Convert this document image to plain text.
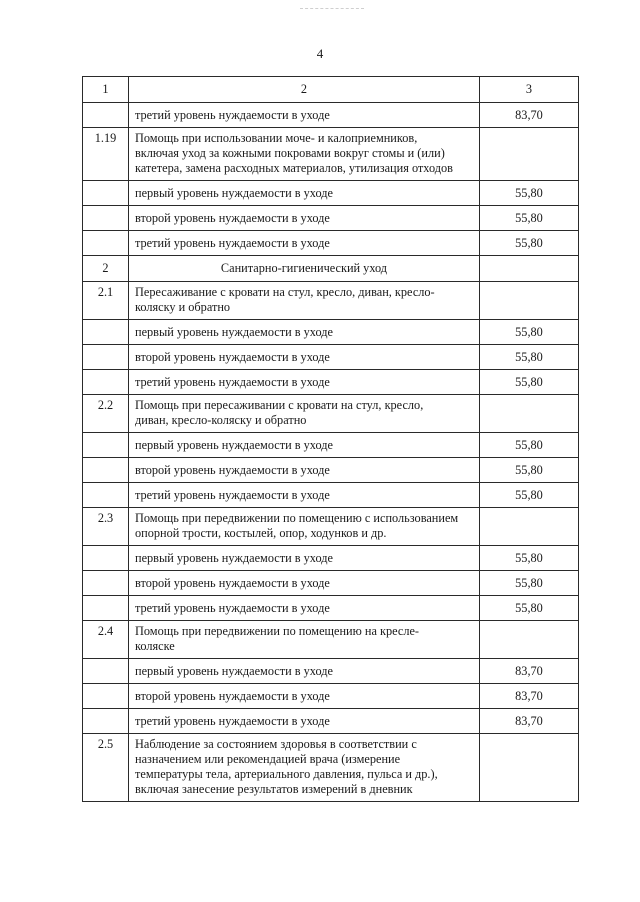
4
1	2	3
	третий уровень нуждаемости в уходе	83,70
1.19	Помощь при использовании моче- и калоприемников,
включая уход за кожными покровами вокруг стомы и (или)
катетера, замена расходных материалов, утилизация отходов	

	первый уровень нуждаемости в уходе	55,80
	второй уровень нуждаемости в уходе	55,80
	третий уровень нуждаемости в уходе	55,80
2	Санитарно-гигиенический уход	
2.1	Пересаживание с кровати на стул, кресло, диван, кресло-
коляску и обратно	

	первый уровень нуждаемости в уходе	55,80
	второй уровень нуждаемости в уходе	55,80
	третий уровень нуждаемости в уходе	55,80
2.2	Помощь при пересаживании с кровати на стул, кресло,
диван, кресло-коляску и обратно	

	первый уровень нуждаемости в уходе	55,80
	второй уровень нуждаемости в уходе	55,80
	третий уровень нуждаемости в уходе	55,80
2.3	Помощь при передвижении по помещению с использованием
опорной трости, костылей, опор, ходунков и др.	

	первый уровень нуждаемости в уходе	55,80
	второй уровень нуждаемости в уходе	55,80
	третий уровень нуждаемости в уходе	55,80
2.4	Помощь при передвижении по помещению на кресле-
коляске	

	первый уровень нуждаемости в уходе	83,70
	второй уровень нуждаемости в уходе	83,70
	третий уровень нуждаемости в уходе	83,70
2.5	Наблюдение за состоянием здоровья в соответствии с
назначением или рекомендацией врача (измерение
температуры тела, артериального давления, пульса и др.),
включая занесение результатов измерений в дневник	
